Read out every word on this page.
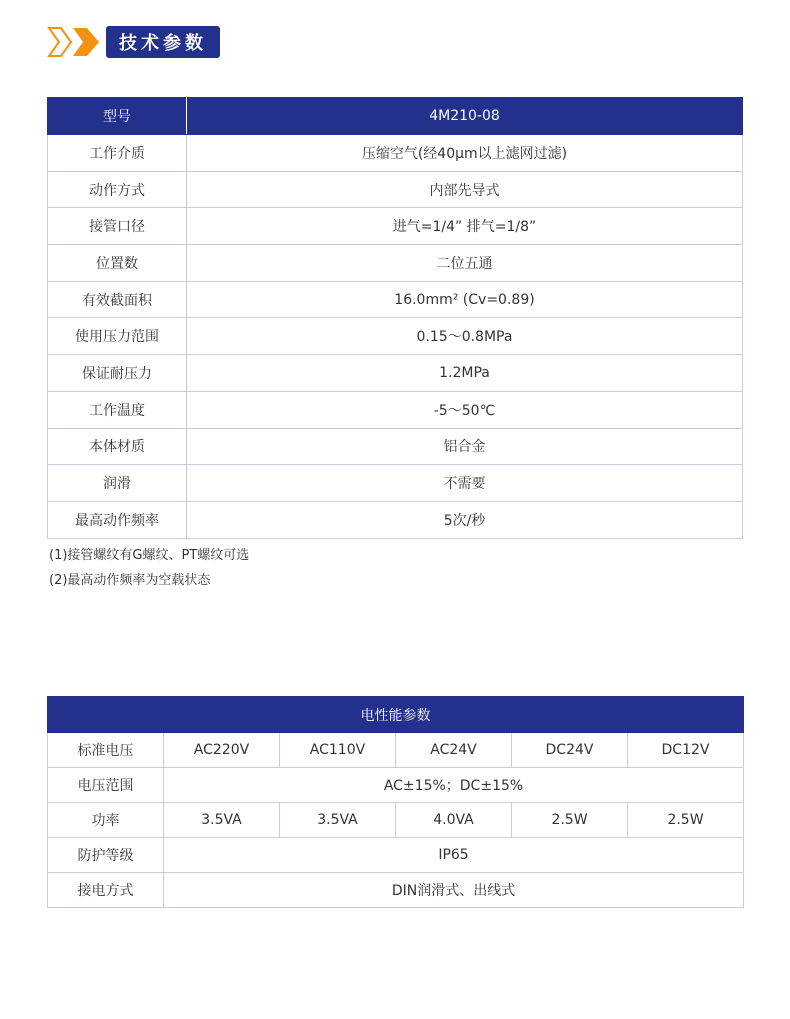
技术参数
型号	4M210-08
工作介质	压缩空气(经40μm以上滤网过滤)
动作方式	内部先导式
接管口径	进气=1/4” 排气=1/8”
位置数	二位五通
有效截面积	16.0mm² (Cv=0.89)
使用压力范围	0.15～0.8MPa
保证耐压力	1.2MPa
工作温度	-5～50℃
本体材质	铝合金
润滑	不需要
最高动作频率	5次/秒
(1)接管螺纹有G螺纹、PT螺纹可选
(2)最高动作频率为空载状态
电性能参数					
标准电压	AC220V	AC110V	AC24V	DC24V	DC12V
电压范围	AC±15%；DC±15%				
功率	3.5VA	3.5VA	4.0VA	2.5W	2.5W
防护等级	IP65				
接电方式	DIN润滑式、出线式				
